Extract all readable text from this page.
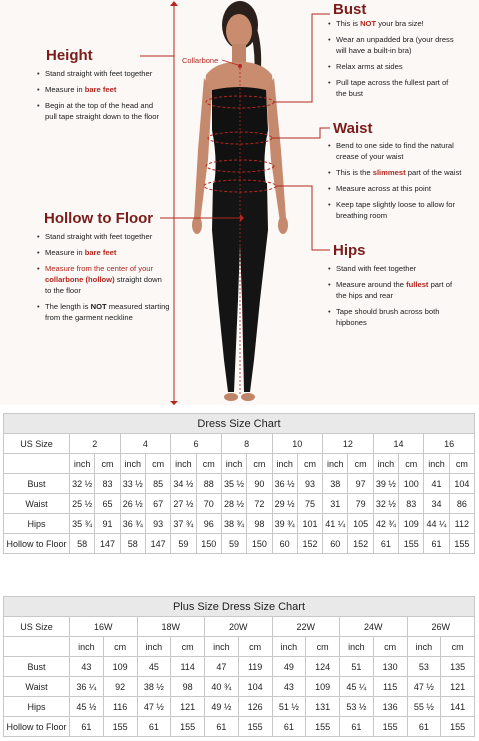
Collarbone
Height
• Stand straight with feet together
• Measure in bare feet
• Begin at the top of the head and
pull tape straight down to the floor
Hollow to Floor
• Stand straight with feet together
• Measure in bare feet
• Measure from the center of your
collarbone (hollow) straight down
to the floor
• The length is NOT measured starting
from the garment neckline
Bust
• This is NOT your bra size!
• Wear an unpadded bra (your dress
will have a built-in bra)
• Relax arms at sides
• Pull tape across the fullest part of
the bust
Waist
• Bend to one side to find the natural
crease of your waist
• This is the slimmest part of the waist
• Measure across at this point
• Keep tape slightly loose to allow for
breathing room
Hips
• Stand with feet together
• Measure around the fullest part of
the hips and rear
• Tape should brush across both
hipbones
Dress Size Chart																
US Size	2		4		6		8		10		12		14		16	
	inch	cm	inch	cm	inch	cm	inch	cm	inch	cm	inch	cm	inch	cm	inch	cm
Bust	32 ½	83	33 ½	85	34 ½	88	35 ½	90	36 ½	93	38	97	39 ½	100	41	104
Waist	25 ½	65	26 ½	67	27 ½	70	28 ½	72	29 ½	75	31	79	32 ½	83	34	86
Hips	35 ¾	91	36 ¾	93	37 ¾	96	38 ¾	98	39 ¾	101	41 ¼	105	42 ¾	109	44 ¼	112
Hollow to Floor	58	147	58	147	59	150	59	150	60	152	60	152	61	155	61	155
Plus Size Dress Size Chart												
US Size	16W		18W		20W		22W		24W		26W	
	inch	cm	inch	cm	inch	cm	inch	cm	inch	cm	inch	cm
Bust	43	109	45	114	47	119	49	124	51	130	53	135
Waist	36 ¼	92	38 ½	98	40 ¾	104	43	109	45 ¼	115	47 ½	121
Hips	45 ½	116	47 ½	121	49 ½	126	51 ½	131	53 ½	136	55 ½	141
Hollow to Floor	61	155	61	155	61	155	61	155	61	155	61	155
